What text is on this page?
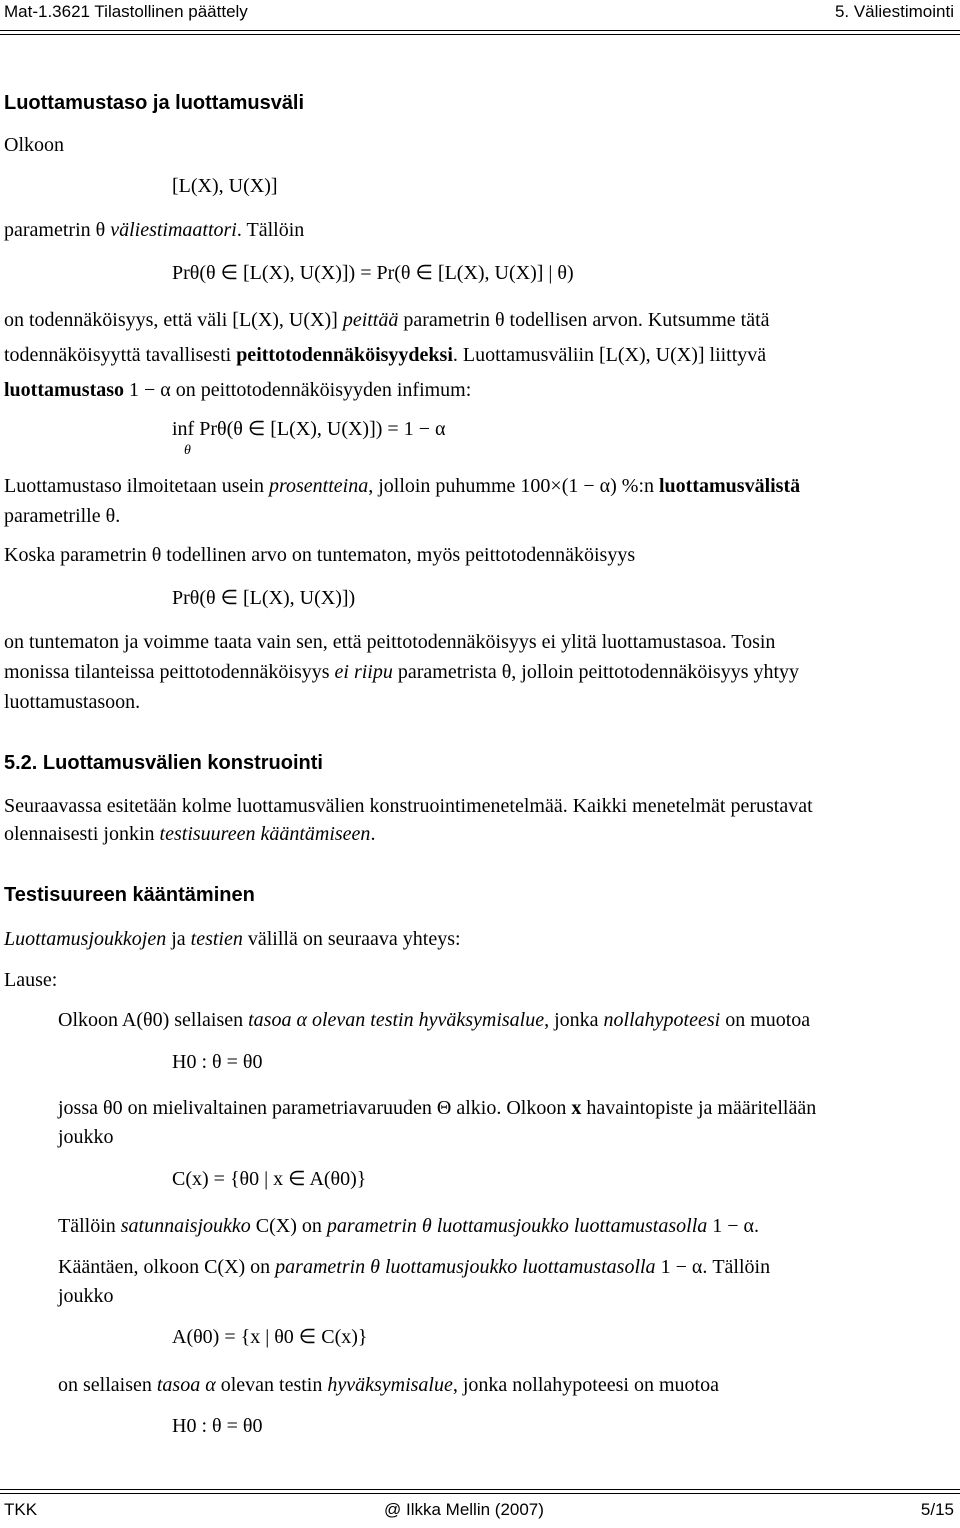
Mat-1.3621 Tilastollinen päättely	5. Väliestimointi
Luottamustaso ja luottamusväli
Olkoon
[L(X), U(X)]
parametrin θ väliestimaattori. Tällöin
Prθ(θ ∈ [L(X), U(X)]) = Pr(θ ∈ [L(X), U(X)] | θ)
on todennäköisyys, että väli [L(X), U(X)] peittää parametrin θ todellisen arvon. Kutsumme tätä
todennäköisyyttä tavallisesti peittotodennäköisyydeksi. Luottamusväliin [L(X), U(X)] liittyvä
luottamustaso 1 − α on peittotodennäköisyyden infimum:
inf Prθ(θ ∈ [L(X), U(X)]) = 1 − α
θ
Luottamustaso ilmoitetaan usein prosentteina, jolloin puhumme 100×(1 − α) %:n luottamusvälistä
parametrille θ.
Koska parametrin θ todellinen arvo on tuntematon, myös peittotodennäköisyys
Prθ(θ ∈ [L(X), U(X)])
on tuntematon ja voimme taata vain sen, että peittotodennäköisyys ei ylitä luottamustasoa. Tosin
monissa tilanteissa peittotodennäköisyys ei riipu parametrista θ, jolloin peittotodennäköisyys yhtyy
luottamustasoon.
5.2. Luottamusvälien konstruointi
Seuraavassa esitetään kolme luottamusvälien konstruointimenetelmää. Kaikki menetelmät perustavat
olennaisesti jonkin testisuureen kääntämiseen.
Testisuureen kääntäminen
Luottamusjoukkojen ja testien välillä on seuraava yhteys:
Lause:
Olkoon A(θ0) sellaisen tasoa α olevan testin hyväksymisalue, jonka nollahypoteesi on muotoa
H0 : θ = θ0
jossa θ0 on mielivaltainen parametriavaruuden Θ alkio. Olkoon x havaintopiste ja määritellään
joukko
C(x) = {θ0 | x ∈ A(θ0)}
Tällöin satunnaisjoukko C(X) on parametrin θ luottamusjoukko luottamustasolla 1 − α.
Kääntäen, olkoon C(X) on parametrin θ luottamusjoukko luottamustasolla 1 − α. Tällöin
joukko
A(θ0) = {x | θ0 ∈ C(x)}
on sellaisen tasoa α olevan testin hyväksymisalue, jonka nollahypoteesi on muotoa
H0 : θ = θ0
TKK	@ Ilkka Mellin (2007)	5/15
